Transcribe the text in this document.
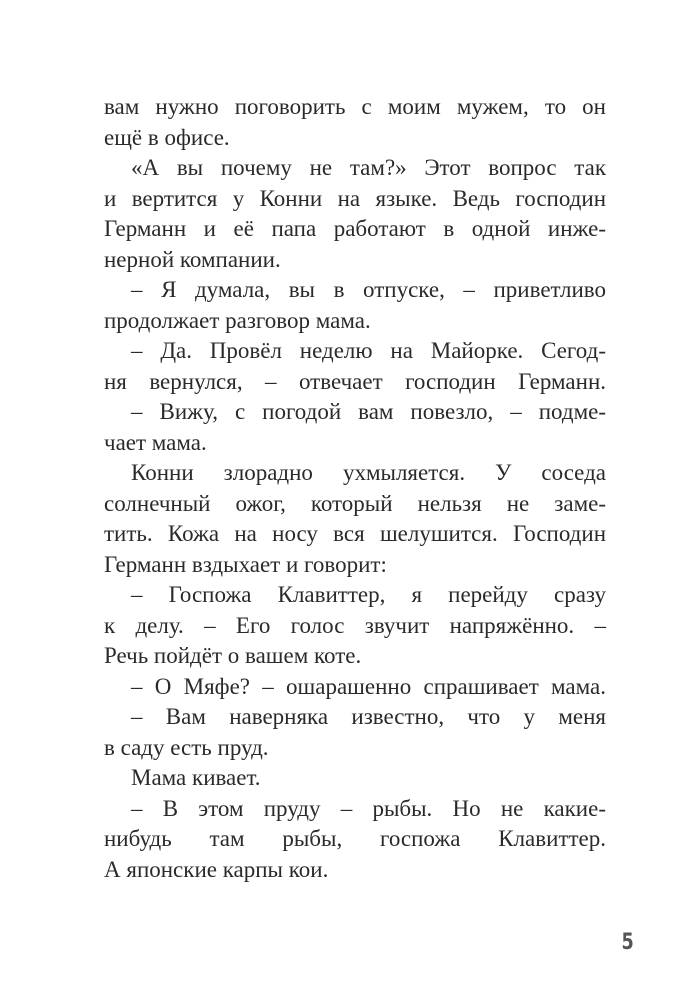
вам нужно поговорить с моим мужем, то он
ещё в офисе.
«А вы почему не там?» Этот вопрос так
и вертится у Конни на языке. Ведь господин
Германн и её папа работают в одной инже-
нерной компании.
– Я думала, вы в отпуске, – приветливо
продолжает разговор мама.
– Да. Провёл неделю на Майорке. Сегод-
ня вернулся, – отвечает господин Германн.
– Вижу, с погодой вам повезло, – подме-
чает мама.
Конни злорадно ухмыляется. У соседа
солнечный ожог, который нельзя не заме-
тить. Кожа на носу вся шелушится. Господин
Германн вздыхает и говорит:
– Госпожа Клавиттер, я перейду сразу
к делу. – Его голос звучит напряжённо. –
Речь пойдёт о вашем коте.
– О Мяфе? – ошарашенно спрашивает мама.
– Вам наверняка известно, что у меня
в саду есть пруд.
Мама кивает.
– В этом пруду – рыбы. Но не какие-
нибудь там рыбы, госпожа Клавиттер.
А японские карпы кои.
5
